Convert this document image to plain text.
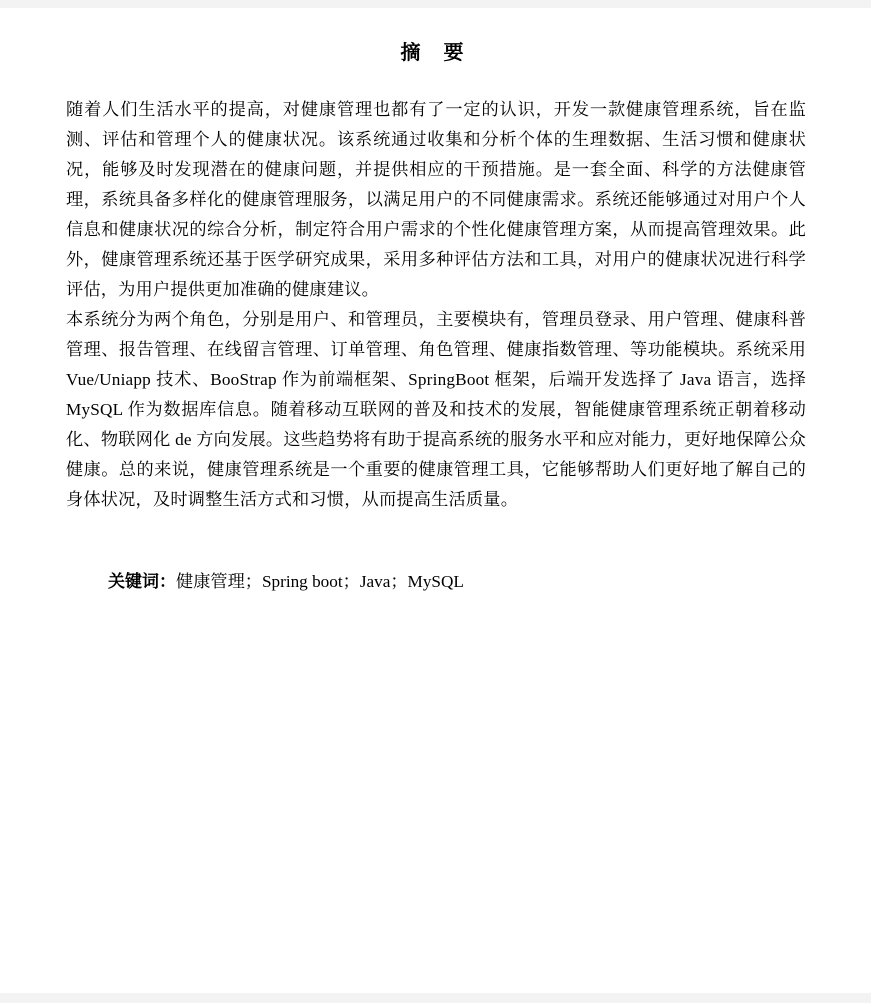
摘 要

随着人们生活水平的提高，对健康管理也都有了一定的认识，开发一款健康管理系统，旨在监测、评估和管理个人的健康状况。该系统通过收集和分析个体的生理数据、生活习惯和健康状况，能够及时发现潜在的健康问题，并提供相应的干预措施。是一套全面、科学的方法健康管理，系统具备多样化的健康管理服务，以满足用户的不同健康需求。系统还能够通过对用户个人信息和健康状况的综合分析，制定符合用户需求的个性化健康管理方案，从而提高管理效果。此外，健康管理系统还基于医学研究成果，采用多种评估方法和工具，对用户的健康状况进行科学评估，为用户提供更加准确的健康建议。

本系统分为两个角色，分别是用户、和管理员，主要模块有，管理员登录、用户管理、健康科普管理、报告管理、在线留言管理、订单管理、角色管理、健康指数管理、等功能模块。系统采用 Vue/Uniapp 技术、BooStrap 作为前端框架、SpringBoot 框架，后端开发选择了 Java 语言，选择 MySQL 作为数据库信息。随着移动互联网的普及和技术的发展，智能健康管理系统正朝着移动化、物联网化 de 方向发展。这些趋势将有助于提高系统的服务水平和应对能力，更好地保障公众健康。总的来说，健康管理系统是一个重要的健康管理工具，它能够帮助人们更好地了解自己的身体状况，及时调整生活方式和习惯，从而提高生活质量。

关键词：健康管理；Spring boot；Java；MySQL
